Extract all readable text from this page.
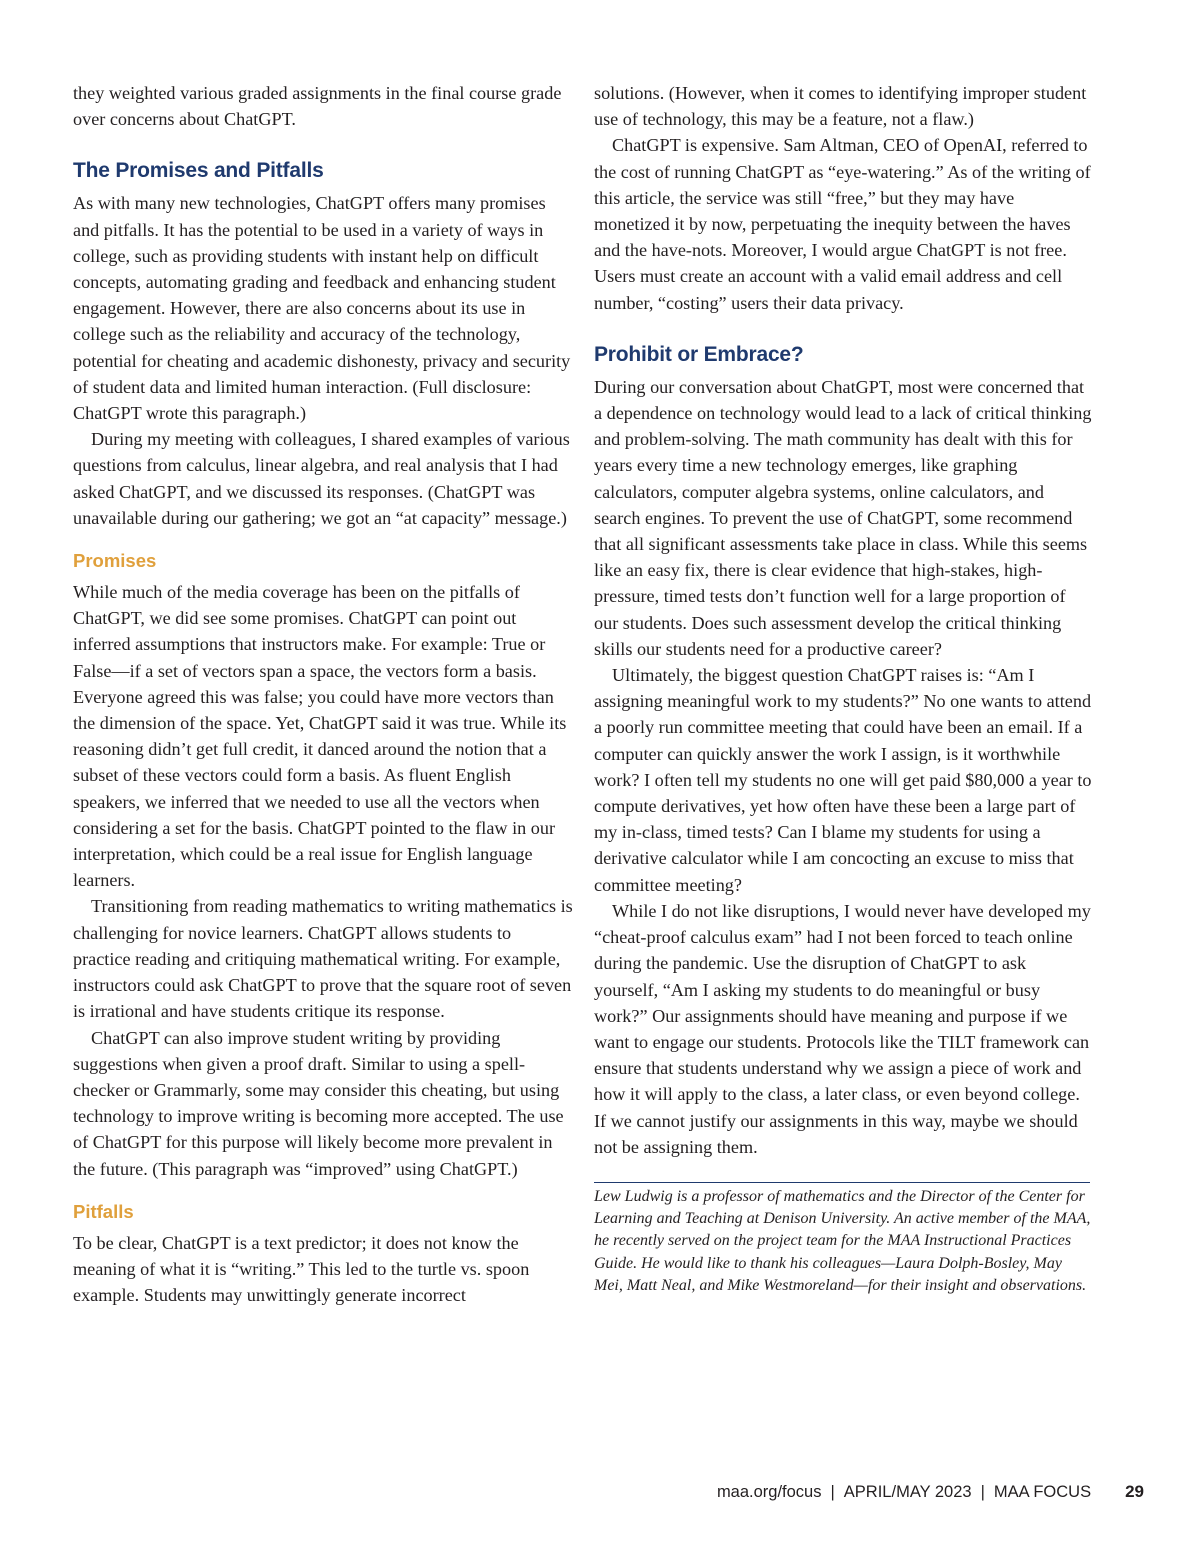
they weighted various graded assignments in the final course grade over concerns about ChatGPT.

The Promises and Pitfalls

As with many new technologies, ChatGPT offers many promises and pitfalls. It has the potential to be used in a variety of ways in college, such as providing students with instant help on difficult concepts, automating grading and feedback and enhancing student engagement. However, there are also concerns about its use in college such as the reliability and accuracy of the technology, potential for cheating and academic dishonesty, privacy and security of student data and limited human interaction. (Full disclosure: ChatGPT wrote this paragraph.)

During my meeting with colleagues, I shared examples of various questions from calculus, linear algebra, and real analysis that I had asked ChatGPT, and we discussed its responses. (ChatGPT was unavailable during our gathering; we got an “at capacity” message.)

Promises

While much of the media coverage has been on the pitfalls of ChatGPT, we did see some promises. ChatGPT can point out inferred assumptions that instructors make. For example: True or False—if a set of vectors span a space, the vectors form a basis. Everyone agreed this was false; you could have more vectors than the dimension of the space. Yet, ChatGPT said it was true. While its reasoning didn’t get full credit, it danced around the notion that a subset of these vectors could form a basis. As fluent English speakers, we inferred that we needed to use all the vectors when considering a set for the basis. ChatGPT pointed to the flaw in our interpretation, which could be a real issue for English language learners.

Transitioning from reading mathematics to writing mathematics is challenging for novice learners. ChatGPT allows students to practice reading and critiquing mathematical writing. For example, instructors could ask ChatGPT to prove that the square root of seven is irrational and have students critique its response.

ChatGPT can also improve student writing by providing suggestions when given a proof draft. Similar to using a spell-checker or Grammarly, some may consider this cheating, but using technology to improve writing is becoming more accepted. The use of ChatGPT for this purpose will likely become more prevalent in the future. (This paragraph was “improved” using ChatGPT.)

Pitfalls

To be clear, ChatGPT is a text predictor; it does not know the meaning of what it is “writing.” This led to the turtle vs. spoon example. Students may unwittingly generate incorrect

solutions. (However, when it comes to identifying improper student use of technology, this may be a feature, not a flaw.)

ChatGPT is expensive. Sam Altman, CEO of OpenAI, referred to the cost of running ChatGPT as “eye-watering.” As of the writing of this article, the service was still “free,” but they may have monetized it by now, perpetuating the inequity between the haves and the have-nots. Moreover, I would argue ChatGPT is not free. Users must create an account with a valid email address and cell number, “costing” users their data privacy.

Prohibit or Embrace?

During our conversation about ChatGPT, most were concerned that a dependence on technology would lead to a lack of critical thinking and problem-solving. The math community has dealt with this for years every time a new technology emerges, like graphing calculators, computer algebra systems, online calculators, and search engines. To prevent the use of ChatGPT, some recommend that all significant assessments take place in class. While this seems like an easy fix, there is clear evidence that high-stakes, high-pressure, timed tests don’t function well for a large proportion of our students. Does such assessment develop the critical thinking skills our students need for a productive career?

Ultimately, the biggest question ChatGPT raises is: “Am I assigning meaningful work to my students?” No one wants to attend a poorly run committee meeting that could have been an email. If a computer can quickly answer the work I assign, is it worthwhile work? I often tell my students no one will get paid $80,000 a year to compute derivatives, yet how often have these been a large part of my in-class, timed tests? Can I blame my students for using a derivative calculator while I am concocting an excuse to miss that committee meeting?

While I do not like disruptions, I would never have developed my “cheat-proof calculus exam” had I not been forced to teach online during the pandemic. Use the disruption of ChatGPT to ask yourself, “Am I asking my students to do meaningful or busy work?” Our assignments should have meaning and purpose if we want to engage our students. Protocols like the TILT framework can ensure that students understand why we assign a piece of work and how it will apply to the class, a later class, or even beyond college. If we cannot justify our assignments in this way, maybe we should not be assigning them.

Lew Ludwig is a professor of mathematics and the Director of the Center for Learning and Teaching at Denison University. An active member of the MAA, he recently served on the project team for the MAA Instructional Practices Guide. He would like to thank his colleagues—Laura Dolph-Bosley, May Mei, Matt Neal, and Mike Westmoreland—for their insight and observations.

maa.org/focus | APRIL/MAY 2023 | MAA FOCUS 29
